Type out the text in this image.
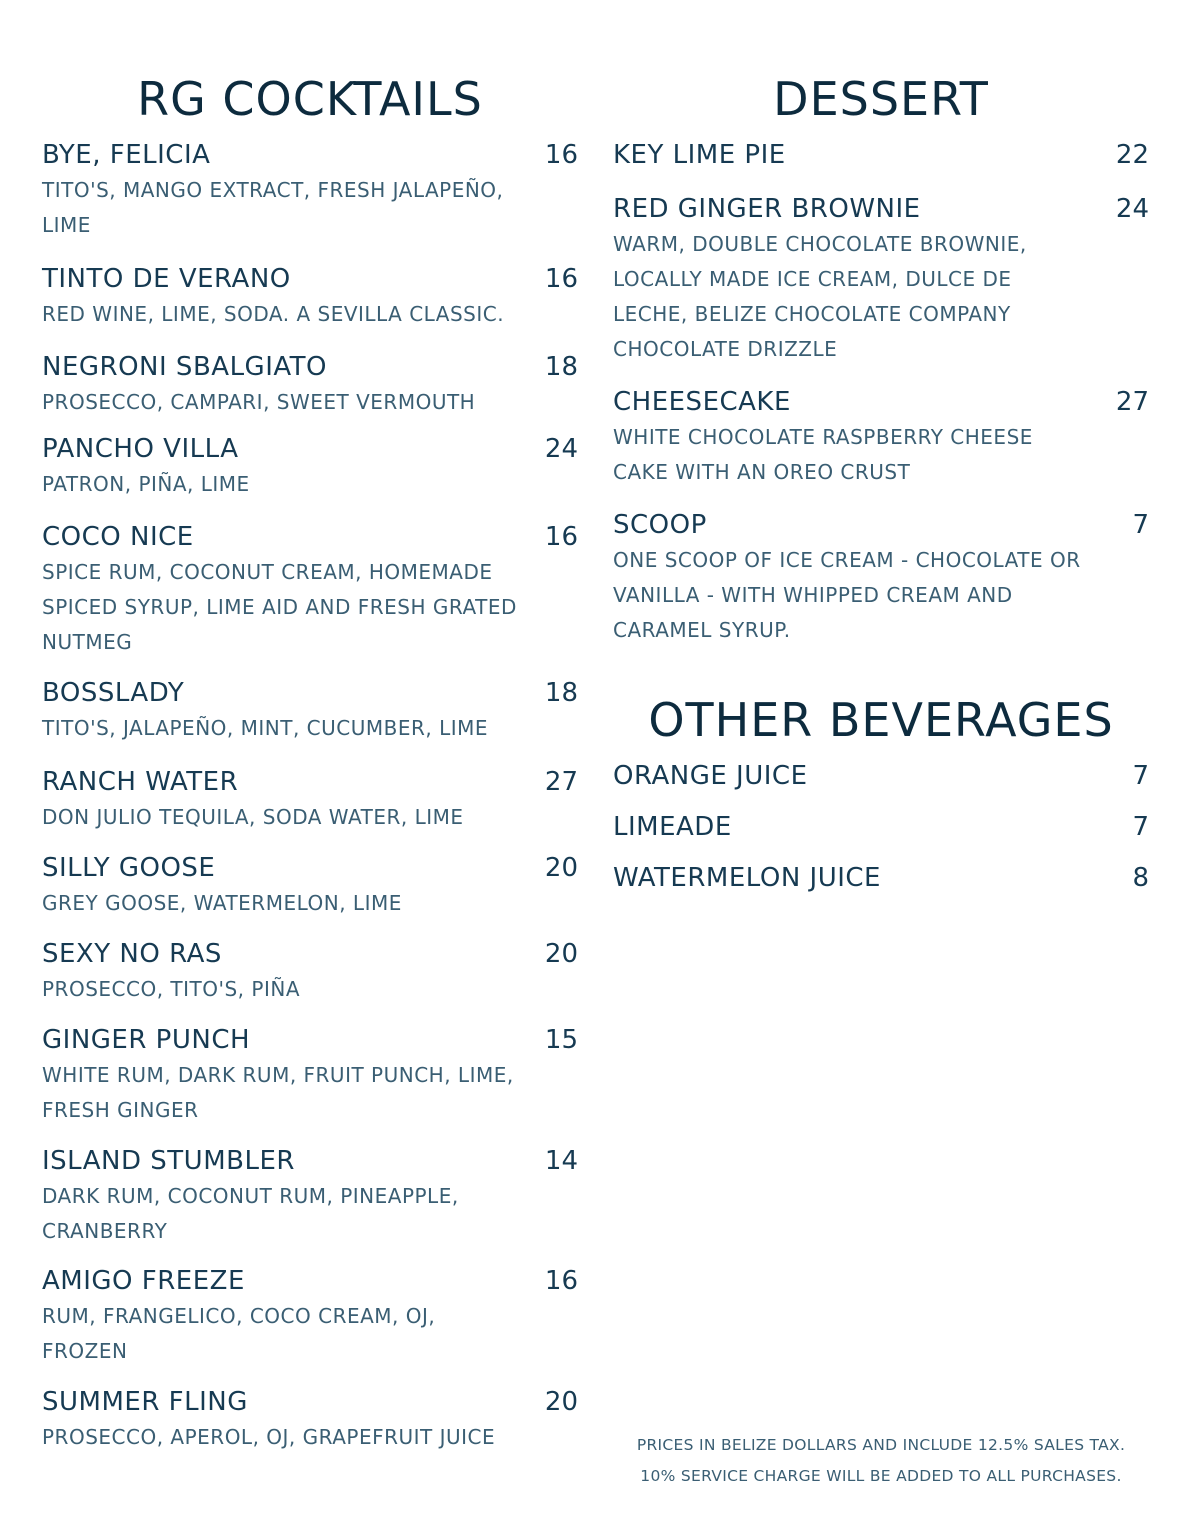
RG COCKTAILS
BYE, FELICIA	16
TITO'S, MANGO EXTRACT, FRESH JALAPEÑO, LIME
TINTO DE VERANO	16
RED WINE, LIME, SODA. A SEVILLA CLASSIC.
NEGRONI SBALGIATO	18
PROSECCO, CAMPARI, SWEET VERMOUTH
PANCHO VILLA	24
PATRON, PIÑA, LIME
COCO NICE	16
SPICE RUM, COCONUT CREAM, HOMEMADE SPICED SYRUP, LIME AID AND FRESH GRATED NUTMEG
BOSSLADY	18
TITO'S, JALAPEÑO, MINT, CUCUMBER, LIME
RANCH WATER	27
DON JULIO TEQUILA, SODA WATER, LIME
SILLY GOOSE	20
GREY GOOSE, WATERMELON, LIME
SEXY NO RAS	20
PROSECCO, TITO'S, PIÑA
GINGER PUNCH	15
WHITE RUM, DARK RUM, FRUIT PUNCH, LIME, FRESH GINGER
ISLAND STUMBLER	14
DARK RUM, COCONUT RUM, PINEAPPLE, CRANBERRY
AMIGO FREEZE	16
RUM, FRANGELICO, COCO CREAM, OJ, FROZEN
SUMMER FLING	20
PROSECCO, APEROL, OJ, GRAPEFRUIT JUICE
DESSERT
KEY LIME PIE	22
RED GINGER BROWNIE	24
WARM, DOUBLE CHOCOLATE BROWNIE, LOCALLY MADE ICE CREAM, DULCE DE LECHE, BELIZE CHOCOLATE COMPANY CHOCOLATE DRIZZLE
CHEESECAKE	27
WHITE CHOCOLATE RASPBERRY CHEESE CAKE WITH AN OREO CRUST
SCOOP	7
ONE SCOOP OF ICE CREAM - CHOCOLATE OR VANILLA - WITH WHIPPED CREAM AND CARAMEL SYRUP.
OTHER BEVERAGES
ORANGE JUICE	7
LIMEADE	7
WATERMELON JUICE	8
PRICES IN BELIZE DOLLARS AND INCLUDE 12.5% SALES TAX.
10% SERVICE CHARGE WILL BE ADDED TO ALL PURCHASES.
